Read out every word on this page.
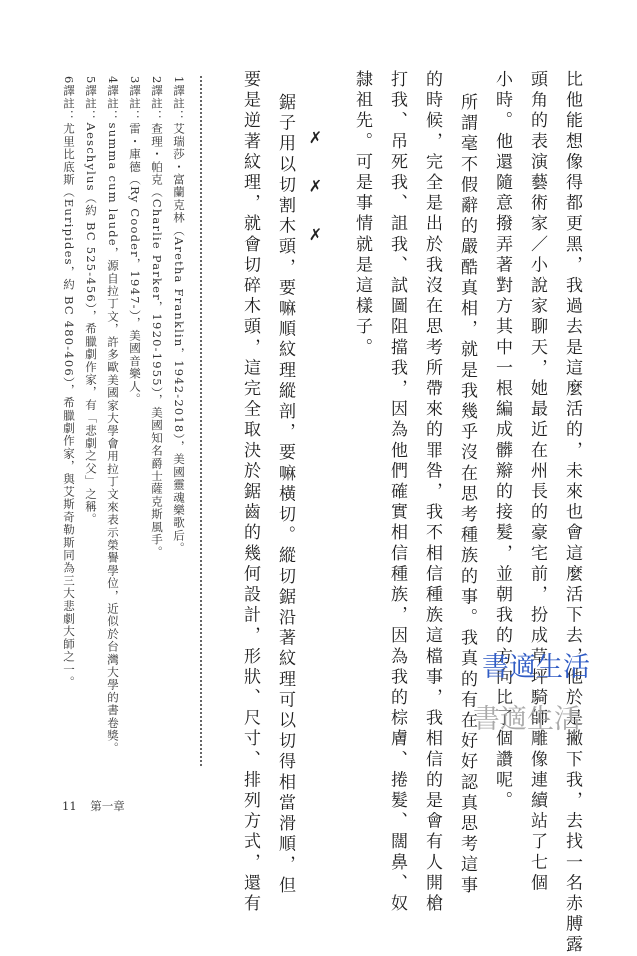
比他能想像得都更黑，我過去是這麼活的，未來也會這麼活下去，他於是撇下我，去找一名赤膊露
頭角的表演藝術家／小說家聊天，她最近在州長的豪宅前，扮成草坪騎師雕像連續站了七個
小時。他還隨意撥弄著對方其中一根編成髒辮的接髮，並朝我的方向比了個讚呢。
所謂毫不假辭的嚴酷真相，就是我幾乎沒在思考種族的事。我真的有在好好認真思考這事
的時候，完全是出於我沒在思考所帶來的罪咎，我不相信種族這檔事，我相信的是會有人開槍
打我、吊死我、詛我、試圖阻擋我，因為他們確實相信種族，因為我的棕膚、捲髮、闊鼻、奴
隸祖先。可是事情就是這樣子。
✗ ✗ ✗
鋸子用以切割木頭，要嘛順紋理縱剖，要嘛橫切。縱切鋸沿著紋理可以切得相當滑順，但
要是逆著紋理，就會切碎木頭，這完全取決於鋸齒的幾何設計，形狀、尺寸、排列方式，還有
1譯註：艾瑞莎・富蘭克林（Aretha Franklin，1942-2018），美國靈魂樂歌后。
2譯註：查理・帕克（Charlie Parker，1920-1955），美國知名爵士薩克斯風手。
3譯註：雷・庫德（Ry Cooder，1947-），美國音樂人。
4譯註：summa cum laude，源自拉丁文，許多歐美國家大學會用拉丁文來表示榮譽學位，近似於台灣大學的書卷獎。
5譯註：Aeschylus（約 BC 525-456），希臘劇作家，有「悲劇之父」之稱。
6譯註：尤里比底斯（Euripides，約 BC 480-406），希臘劇作家，與艾斯奇勒斯同為三大悲劇大師之一。	書適生活
書適生活
11 第一章
